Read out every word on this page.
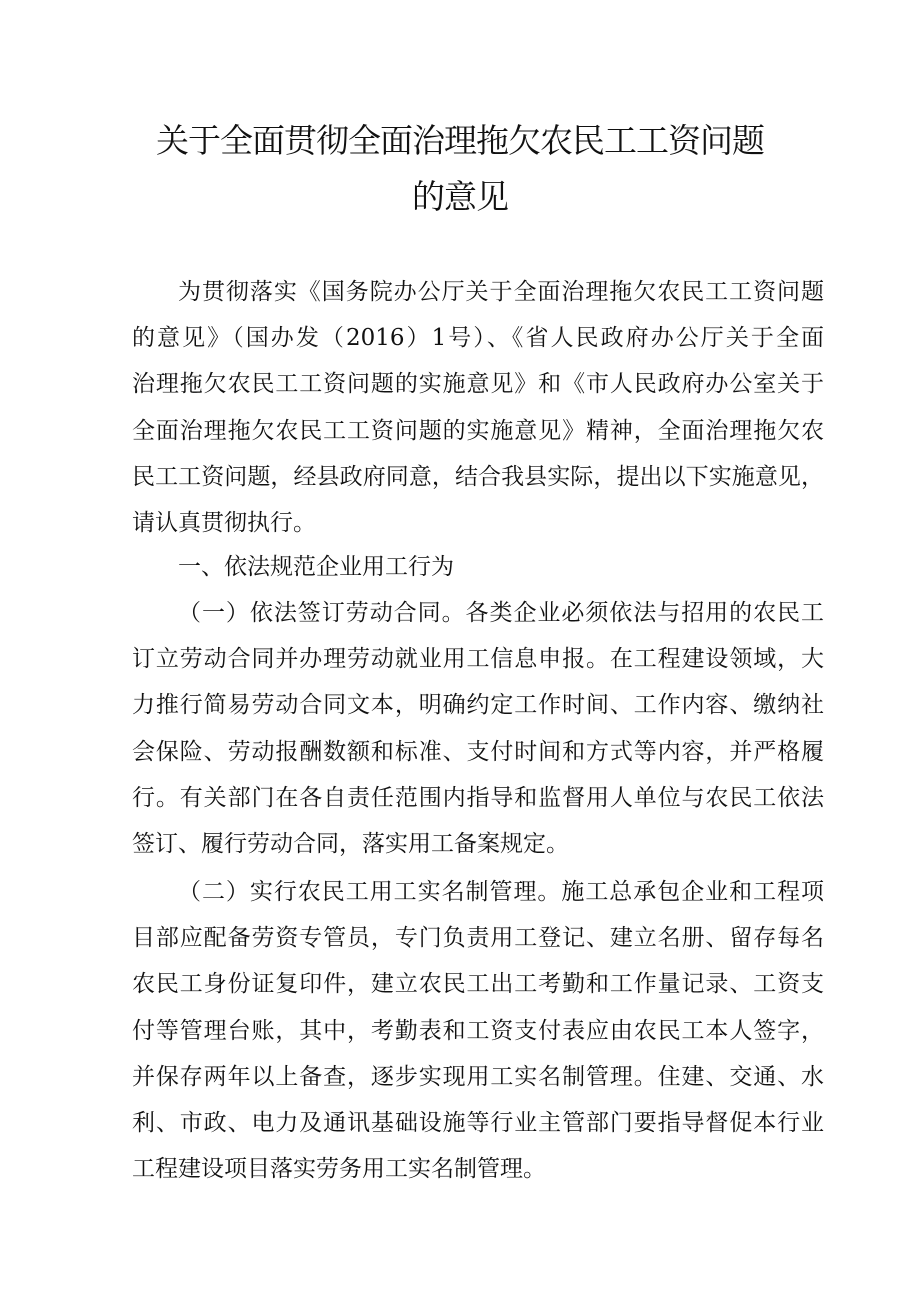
关于全面贯彻全面治理拖欠农民工工资问题
的意见
为贯彻落实《国务院办公厅关于全面治理拖欠农民工工资问题
的意见》（国办发（2016）1号）、《省人民政府办公厅关于全面
治理拖欠农民工工资问题的实施意见》和《市人民政府办公室关于
全面治理拖欠农民工工资问题的实施意见》精神，全面治理拖欠农
民工工资问题，经县政府同意，结合我县实际，提出以下实施意见，
请认真贯彻执行。
一、依法规范企业用工行为
（一）依法签订劳动合同。各类企业必须依法与招用的农民工
订立劳动合同并办理劳动就业用工信息申报。在工程建设领域，大
力推行简易劳动合同文本，明确约定工作时间、工作内容、缴纳社
会保险、劳动报酬数额和标准、支付时间和方式等内容，并严格履
行。有关部门在各自责任范围内指导和监督用人单位与农民工依法
签订、履行劳动合同，落实用工备案规定。
（二）实行农民工用工实名制管理。施工总承包企业和工程项
目部应配备劳资专管员，专门负责用工登记、建立名册、留存每名
农民工身份证复印件，建立农民工出工考勤和工作量记录、工资支
付等管理台账，其中，考勤表和工资支付表应由农民工本人签字，
并保存两年以上备查，逐步实现用工实名制管理。住建、交通、水
利、市政、电力及通讯基础设施等行业主管部门要指导督促本行业
工程建设项目落实劳务用工实名制管理。
